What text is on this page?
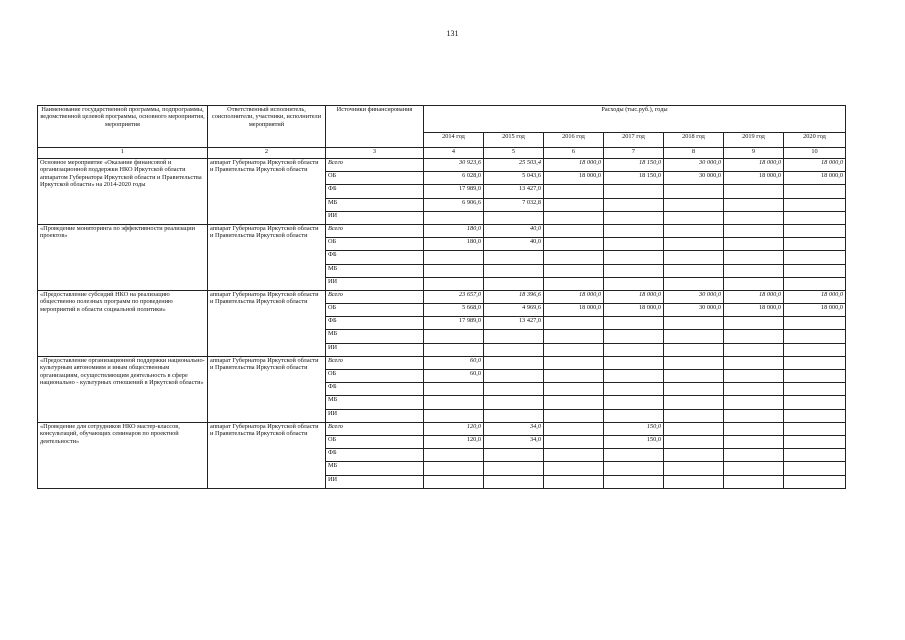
131
Наименование государственной программы, подпрограммы, ведомственной целевой программы, основного мероприятия, мероприятия	Ответственный исполнитель, соисполнители, участники, исполнители мероприятий	Источники финансирования	Расходы (тыс.руб.), годы						
			2014 год	2015 год	2016 год	2017 год	2018 год	2019 год	2020 год
1	2	3	4	5	6	7	8	9	10
Основное мероприятие «Оказание финансовой и организационной поддержки НКО Иркутской области аппаратом Губернатора Иркутской области и Правительства Иркутской области» на 2014-2020 годы	аппарат Губернатора Иркутской области и Правительства Иркутской области	Всего	30 923,6	25 503,4	18 000,0	18 150,0	30 000,0	18 000,0	18 000,0
		ОБ	6 028,0	5 043,6	18 000,0	18 150,0	30 000,0	18 000,0	18 000,0
		ФБ	17 989,0	13 427,0					
		МБ	6 906,6	7 032,8					
		ИИ							
«Проведение мониторинга по эффективности реализации проектов»	аппарат Губернатора Иркутской области и Правительства Иркутской области	Всего	180,0	40,0					
		ОБ	180,0	40,0					
		ФБ							
		МБ							
		ИИ							
«Предоставление субсидий НКО на реализацию общественно полезных программ по проведению мероприятий в области социальной политики»	аппарат Губернатора Иркутской области и Правительства Иркутской области	Всего	23 657,0	18 396,6	18 000,0	18 000,0	30 000,0	18 000,0	18 000,0
		ОБ	5 668,0	4 969,6	18 000,0	18 000,0	30 000,0	18 000,0	18 000,0
		ФБ	17 989,0	13 427,0					
		МБ							
		ИИ							
«Предоставление организационной поддержки национально-культурным автономиям и иным общественным организациям, осуществляющим деятельность в сфере национально - культурных отношений в Иркутской области»	аппарат Губернатора Иркутской области и Правительства Иркутской области	Всего	60,0						
		ОБ	60,0						
		ФБ							
		МБ							
		ИИ							
«Проведение для сотрудников НКО мастер-классов, консультаций, обучающих семинаров по проектной деятельности»	аппарат Губернатора Иркутской области и Правительства Иркутской области	Всего	120,0	34,0		150,0			
		ОБ	120,0	34,0		150,0			
		ФБ							
		МБ							
		ИИ							
